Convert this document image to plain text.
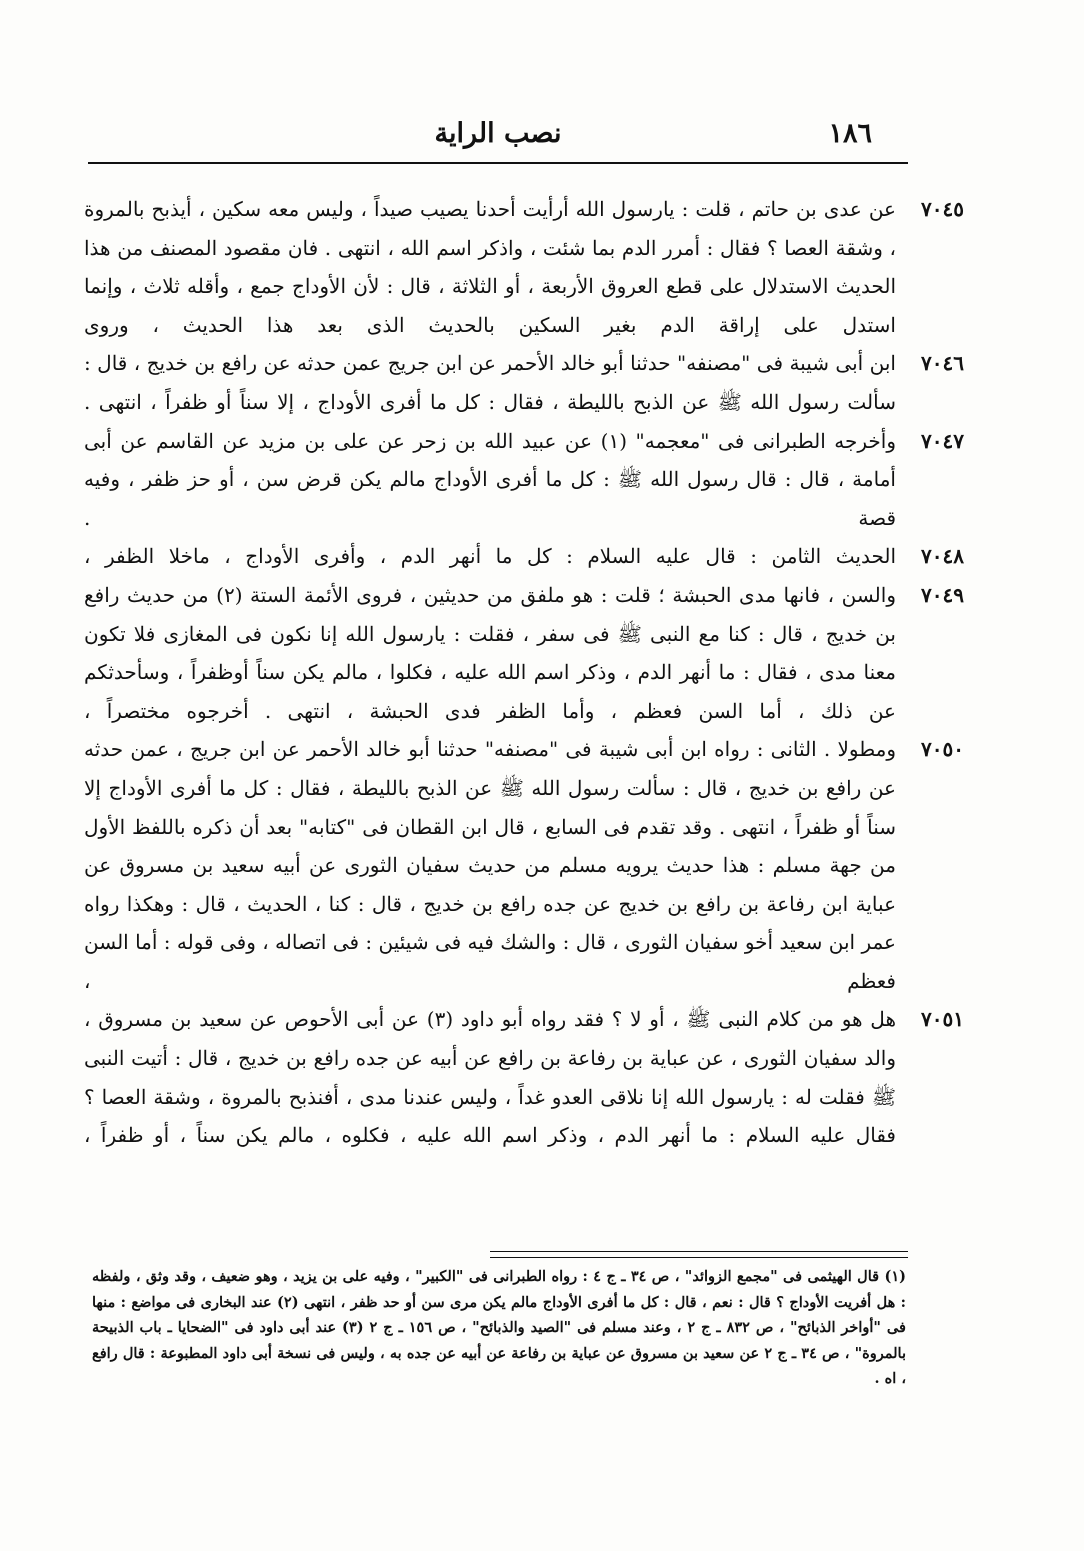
نصب الراية	١٨٦
٧٠٤٥
عن عدى بن حاتم ، قلت : يارسول الله أرأيت أحدنا يصيب صيداً ، وليس معه سكين ، أيذبح بالمروة ، وشقة العصا ؟ فقال : أمرر الدم بما شئت ، واذكر اسم الله ، انتهى . فان مقصود المصنف من هذا الحديث الاستدلال على قطع العروق الأربعة ، أو الثلاثة ، قال : لأن الأوداج جمع ، وأقله ثلاث ، وإنما استدل على إراقة الدم بغير السكين بالحديث الذى بعد هذا الحديث ، وروى
٧٠٤٦
ابن أبى شيبة فى "مصنفه" حدثنا أبو خالد الأحمر عن ابن جريج عمن حدثه عن رافع بن خديج ، قال : سألت رسول الله ﷺ عن الذبح بالليطة ، فقال : كل ما أفرى الأوداج ، إلا سناً أو ظفراً ، انتهى .
٧٠٤٧
وأخرجه الطبرانى فى "معجمه" (١) عن عبيد الله بن زحر عن على بن مزيد عن القاسم عن أبى أمامة ، قال : قال رسول الله ﷺ : كل ما أفرى الأوداج مالم يكن قرض سن ، أو حز ظفر ، وفيه قصة .
٧٠٤٨
الحديث الثامن : قال عليه السلام : كل ما أنهر الدم ، وأفرى الأوداج ، ماخلا الظفر ،
٧٠٤٩
والسن ، فانها مدى الحبشة ؛ قلت : هو ملفق من حديثين ، فروى الأئمة الستة (٢) من حديث رافع بن خديج ، قال : كنا مع النبى ﷺ فى سفر ، فقلت : يارسول الله إنا نكون فى المغازى فلا تكون معنا مدى ، فقال : ما أنهر الدم ، وذكر اسم الله عليه ، فكلوا ، مالم يكن سناً أوظفراً ، وسأحدثكم عن ذلك ، أما السن فعظم ، وأما الظفر فدى الحبشة ، انتهى . أخرجوه مختصراً ،
٧٠٥٠
ومطولا . الثانى : رواه ابن أبى شيبة فى "مصنفه" حدثنا أبو خالد الأحمر عن ابن جريج ، عمن حدثه عن رافع بن خديج ، قال : سألت رسول الله ﷺ عن الذبح بالليطة ، فقال : كل ما أفرى الأوداج إلا سناً أو ظفراً ، انتهى . وقد تقدم فى السابع ، قال ابن القطان فى "كتابه" بعد أن ذكره باللفظ الأول من جهة مسلم : هذا حديث يرويه مسلم من حديث سفيان الثورى عن أبيه سعيد بن مسروق عن عباية ابن رفاعة بن رافع بن خديج عن جده رافع بن خديج ، قال : كنا ، الحديث ، قال : وهكذا رواه عمر ابن سعيد أخو سفيان الثورى ، قال : والشك فيه فى شيئين : فى اتصاله ، وفى قوله : أما السن فعظم ،
٧٠٥١
هل هو من كلام النبى ﷺ ، أو لا ؟ فقد رواه أبو داود (٣) عن أبى الأحوص عن سعيد بن مسروق ، والد سفيان الثورى ، عن عباية بن رفاعة بن رافع عن أبيه عن جده رافع بن خديج ، قال : أتيت النبى ﷺ فقلت له : يارسول الله إنا نلاقى العدو غداً ، وليس عندنا مدى ، أفنذبح بالمروة ، وشقة العصا ؟ فقال عليه السلام : ما أنهر الدم ، وذكر اسم الله عليه ، فكلوه ، مالم يكن سناً ، أو ظفراً ،
(١) قال الهيثمى فى "مجمع الزوائد" ، ص ٣٤ ـ ج ٤ : رواه الطبرانى فى "الكبير" ، وفيه على بن يزيد ، وهو ضعيف ، وقد وثق ، ولفظه : هل أفريت الأوداج ؟ قال : نعم ، قال : كل ما أفرى الأوداج مالم يكن مرى سن أو حد ظفر ، انتهى (٢) عند البخارى فى مواضع : منها فى "أواخر الذبائح" ، ص ٨٣٢ ـ ج ٢ ، وعند مسلم فى "الصيد والذبائح" ، ص ١٥٦ ـ ج ٢ (٣) عند أبى داود فى "الضحايا ـ باب الذبيحة بالمروة" ، ص ٣٤ ـ ج ٢ عن سعيد بن مسروق عن عباية بن رفاعة عن أبيه عن جده به ، وليس فى نسخة أبى داود المطبوعة : قال رافع ، اه .
